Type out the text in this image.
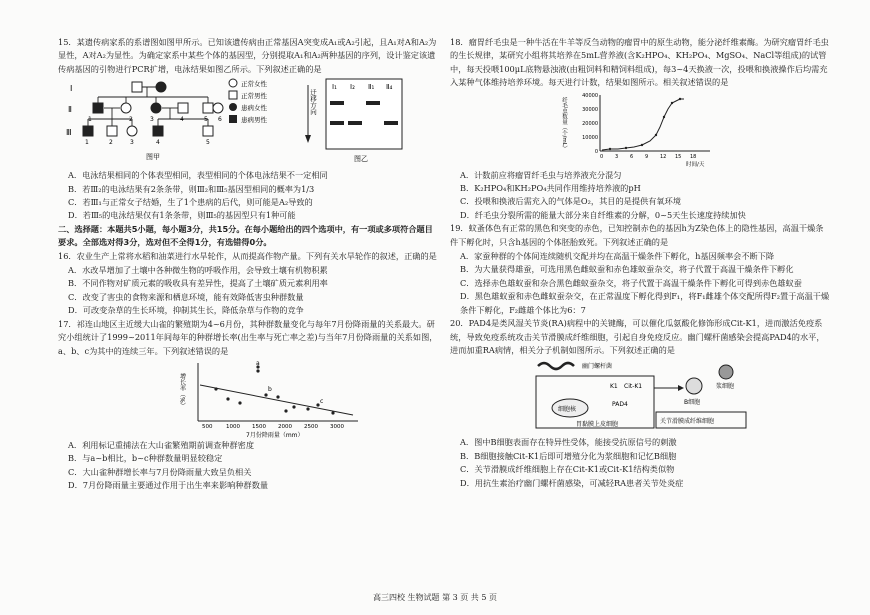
15．某遗传病家系的系谱图如图甲所示。已知该遗传病由正常基因A突变成A₁或A₂引起，且A₁对A和A₂为显性，A对A₂为显性。为确定家系中某些个体的基因型，分别提取A₁和A₂两种基因的序列，设计鉴定该遗传病基因的引物进行PCR扩增，电泳结果如图乙所示。下列叙述正确的是

Ⅰ
Ⅱ
Ⅲ
1	2	3	4	5 6
1	2	3	4	5
正常女性
正常男性
患病女性
患病男性
图甲
迁移方向
Ⅰ₁ Ⅰ₂ Ⅱ₁ Ⅱ₄
图乙

A．电泳结果相同的个体表型相同，表型相同的个体电泳结果不一定相同

B．若Ⅲ₂的电泳结果有2条条带，则Ⅲ₂和Ⅲ₅基因型相同的概率为1/3

C．若Ⅲ₁与正常女子结婚，生了1个患病的后代，则可能是A₂导致的

D．若Ⅲ₅的电泳结果仅有1条条带，则Ⅲ₅的基因型只有1种可能

二、选择题：本题共5小题，每小题3分，共15分。在每小题给出的四个选项中，有一项或多项符合题目要求。全部选对得3分，选对但不全得1分，有选错得0分。

16．农业生产上常将水稻和油菜进行水旱轮作，从而提高作物产量。下列有关水旱轮作的叙述，正确的是

A．水改旱增加了土壤中各种微生物的呼吸作用，会导致土壤有机物积累

B．不同作物对矿质元素的吸收具有差异性，提高了土壤矿质元素利用率

C．改变了害虫的食物来源和栖息环境，能有效降低害虫种群数量

D．可改变杂草的生长环境，抑制其生长，降低杂草与作物的竞争

17．祁连山地区主近缓大山雀的繁殖期为4~6月份，其种群数量变化与每年7月份降雨量的关系最大。研究小组统计了1999~2011年间每年的种群增长率(出生率与死亡率之差)与当年7月份降雨量的关系如图，a、b、c为其中的连续三年。下列叙述错误的是

增长率（%）
7月份降雨量（mm）
500 1000 1500 2000 2500 3000
a
b
c

A．利用标记重捕法在大山雀繁殖期前调查种群密度

B．与a~b相比，b~c种群数量明显较稳定

C．大山雀种群增长率与7月份降雨量大致呈负相关

D．7月份降雨量主要通过作用于出生率来影响种群数量

18．瘤胃纤毛虫是一种牛活在牛羊等反刍动物的瘤胃中的原生动物，能分泌纤维素酶。为研究瘤胃纤毛虫的生长规律，某研究小组将其培养在5mL营养液(含K₂HPO₄、KH₂PO₄、MgSO₄、NaCl等组成)的试管中，每天投喂100μL底物悬浊液(由粗饲料和精饲料组成)，每3~4天换液一次，投喂和换液操作后均需充入某种气体维持培养环境。每天进行计数，结果如图所示。相关叙述错误的是

纤毛虫数量（个/mL）
0
10000
20000
30000
40000
0 3 6 9 12 15 18
时间/天

A．计数前应将瘤胃纤毛虫与培养液充分混匀

B．K₂HPO₄和KH₂PO₄共同作用维持培养液的pH

C．投喂和换液后需充入的气体是O₂，其目的是提供有氧环境

D．纤毛虫分裂所需的能量大部分来自纤维素的分解，0~5天生长速度持续加快

19．蚊蚤体色有正常的黑色和突变的赤色，已知控制赤色的基因h为Z染色体上的隐性基因，高温干燥条件下孵化时，只含h基因的个体胚胎致死。下列叙述正确的是

A．家蚕种群的个体间连续随机交配并均在高温干燥条件下孵化，h基因频率会不断下降

B．为大量获得雄蚕，可选用黑色雌蚁蚕和赤色雄蚁蚕杂交，将子代置于高温干燥条件下孵化

C．选择赤色雄蚁蚕和杂合黑色雌蚁蚕杂交，将子代置于高温干燥条件下孵化可得到赤色雄蚁蚕

D．黑色雄蚁蚕和赤色雌蚁蚕杂交，在正常温度下孵化得到F₁，将F₁雌雄个体交配所得F₂置于高温干燥条件下孵化，F₂雌雄个体比为6：7

20．PAD4是类风湿关节炎(RA)病程中的关键酶，可以催化瓜氨酸化修饰形成Cit-K1，进而激活免疫系统，导致免疫系统攻击关节滑膜成纤维细胞，引起自身免疫反应。幽门螺杆菌感染会提高PAD4的水平，进而加重RA病情，相关分子机制如图所示。下列叙述正确的是

幽门螺杆菌
细胞核
K1 Cit-K1
PAD4
胃黏膜上皮细胞
B细胞
浆细胞
关节滑膜成纤维细胞

A．图中B细胞表面存在特异性受体，能接受抗原信号的刺激

B．B细胞接触Cit-K1后即可增殖分化为浆细胞和记忆B细胞

C．关节滑膜成纤维细胞上存在Cit-K1或Cit-K1结构类似物

D．用抗生素治疗幽门螺杆菌感染，可减轻RA患者关节处炎症

高三四校 生物试题 第 3 页 共 5 页
